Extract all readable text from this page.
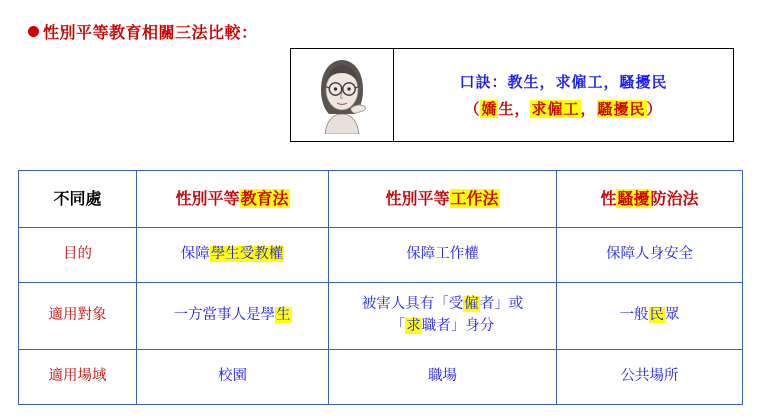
性別平等教育相關三法比較：
口訣：教生，求僱工，騷擾民
（嬌生，求僱工，騷擾民）
不同處	性別平等教育法	性別平等工作法	性騷擾防治法
目的	保障學生受教權	保障工作權	保障人身安全
適用對象	一方當事人是學生	被害人具有「受僱者」或
「求職者」身分	一般民眾
適用場域	校園	職場	公共場所
